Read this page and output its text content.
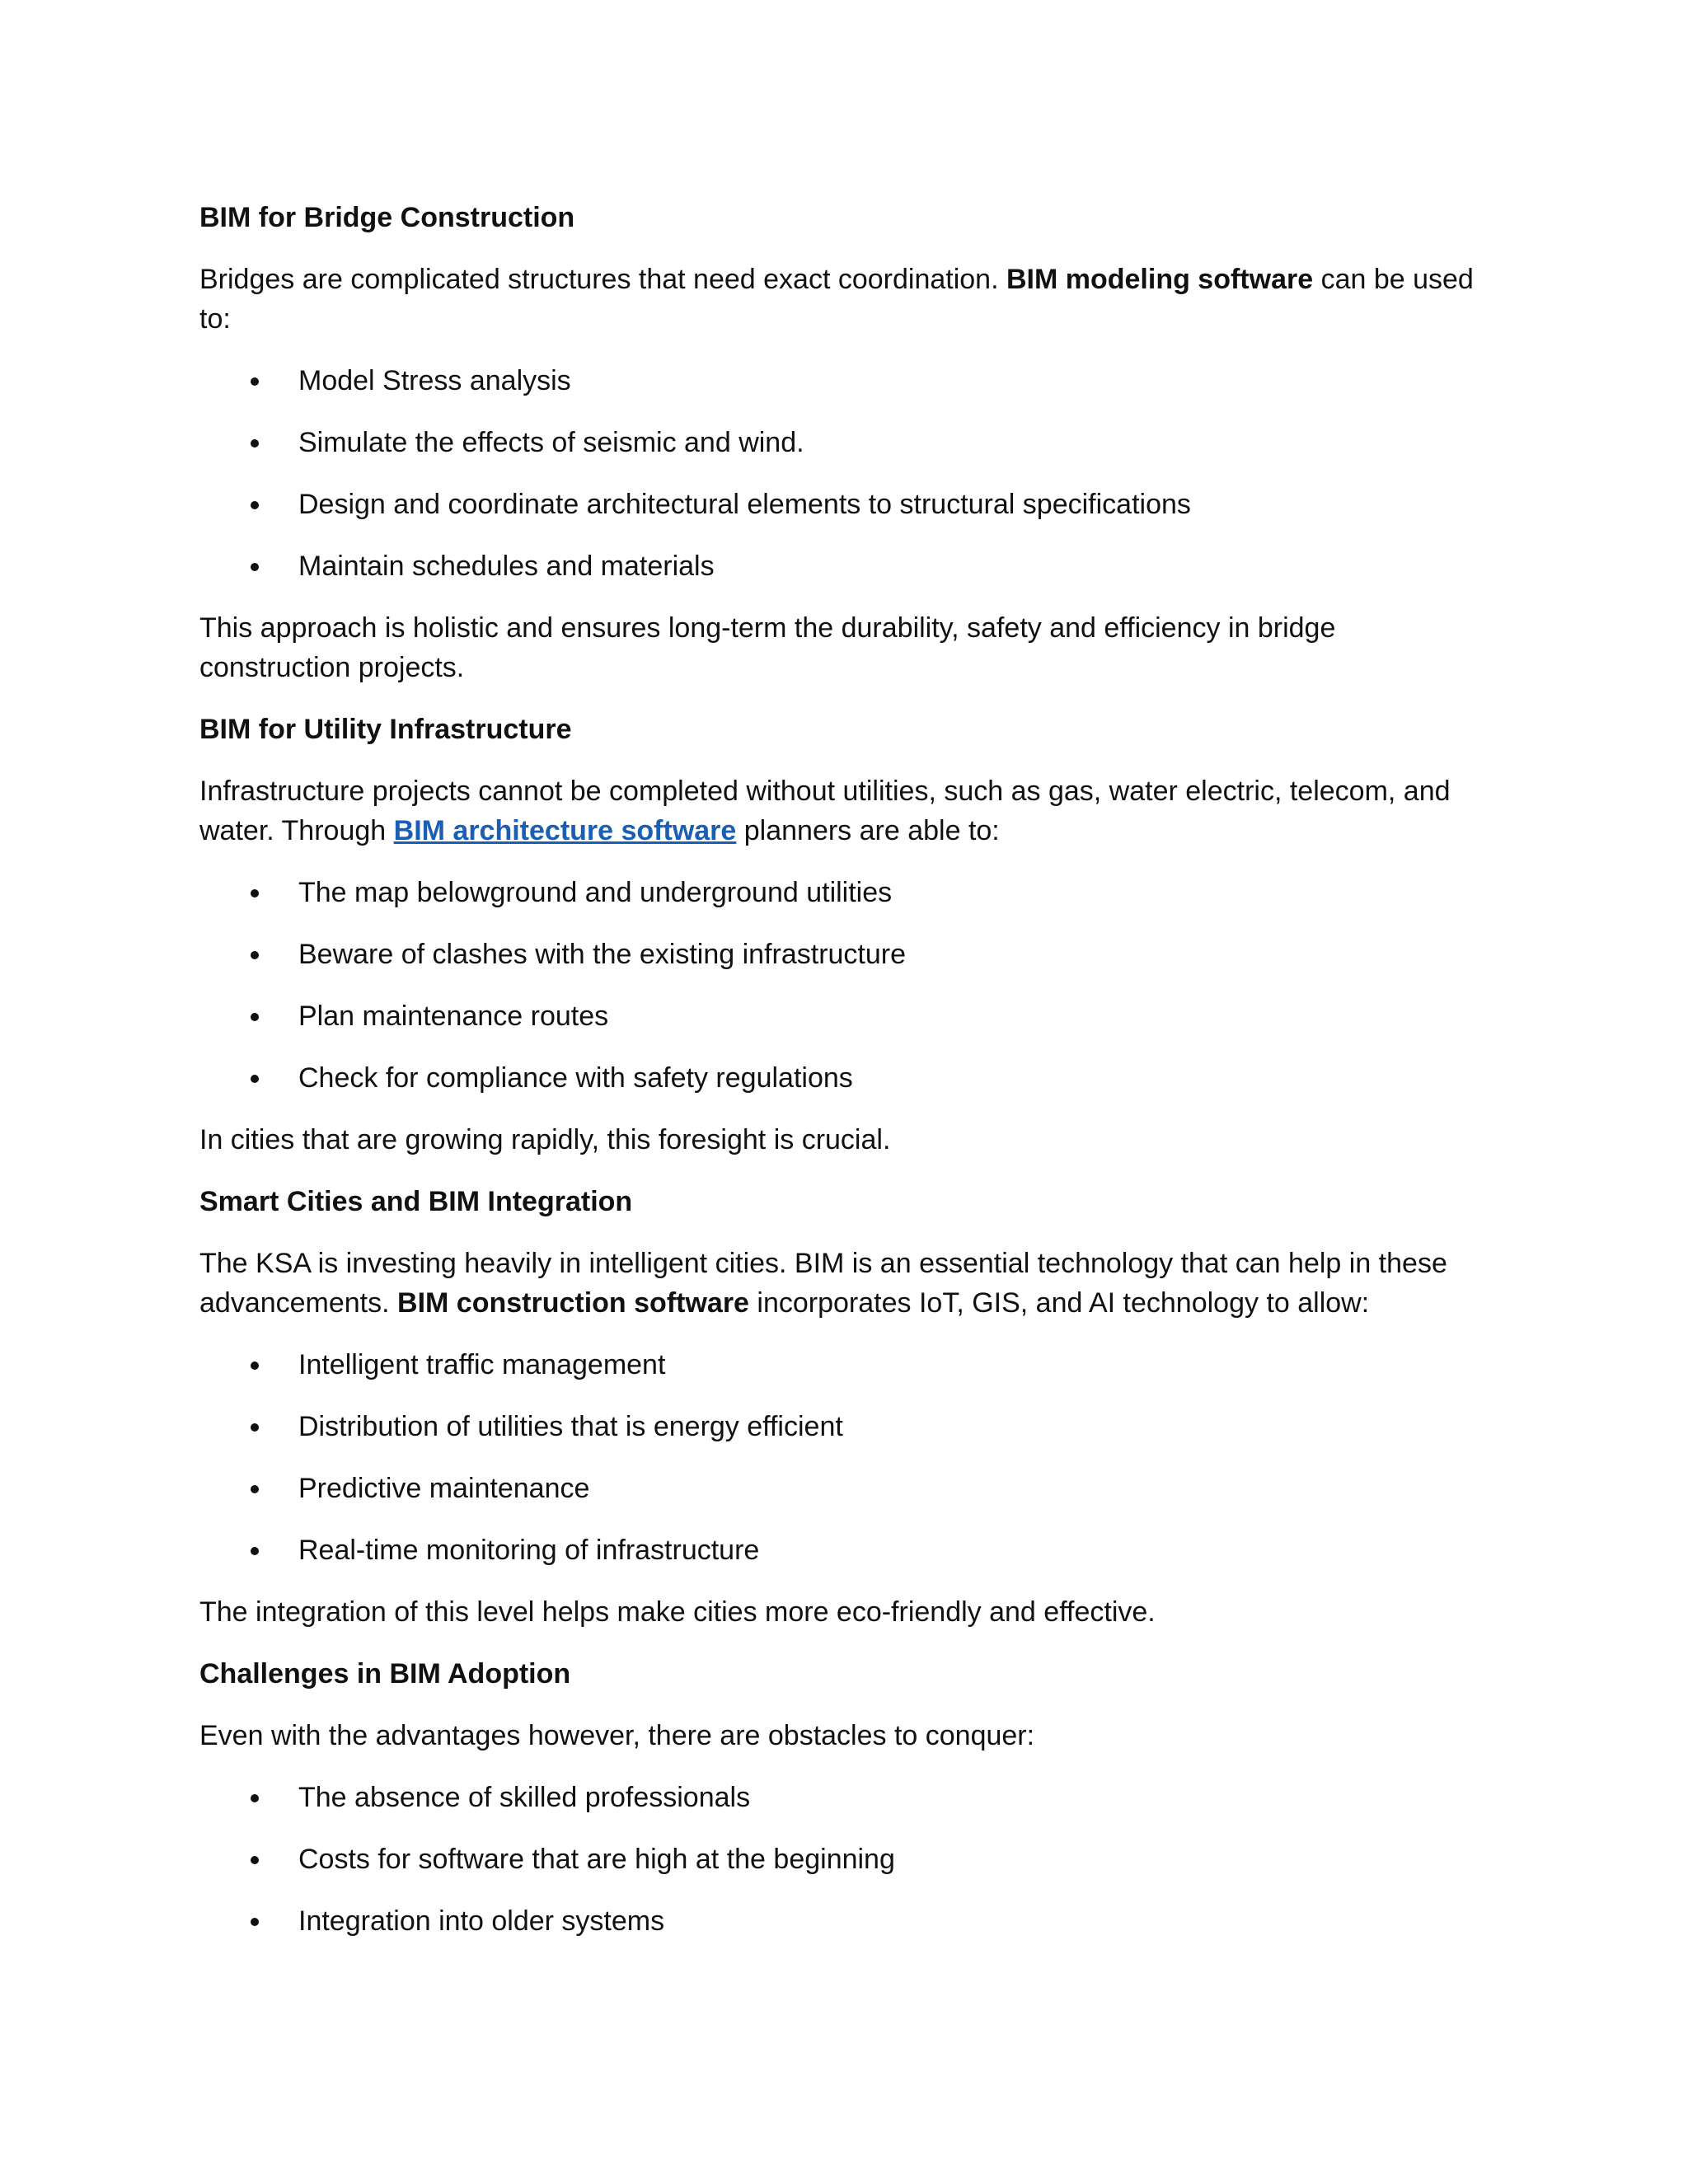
BIM for Bridge Construction
Bridges are complicated structures that need exact coordination. BIM modeling software can be used to:
Model Stress analysis
Simulate the effects of seismic and wind.
Design and coordinate architectural elements to structural specifications
Maintain schedules and materials
This approach is holistic and ensures long-term the durability, safety and efficiency in bridge construction projects.
BIM for Utility Infrastructure
Infrastructure projects cannot be completed without utilities, such as gas, water electric, telecom, and water. Through BIM architecture software planners are able to:
The map belowground and underground utilities
Beware of clashes with the existing infrastructure
Plan maintenance routes
Check for compliance with safety regulations
In cities that are growing rapidly, this foresight is crucial.
Smart Cities and BIM Integration
The KSA is investing heavily in intelligent cities. BIM is an essential technology that can help in these advancements. BIM construction software incorporates IoT, GIS, and AI technology to allow:
Intelligent traffic management
Distribution of utilities that is energy efficient
Predictive maintenance
Real-time monitoring of infrastructure
The integration of this level helps make cities more eco-friendly and effective.
Challenges in BIM Adoption
Even with the advantages however, there are obstacles to conquer:
The absence of skilled professionals
Costs for software that are high at the beginning
Integration into older systems
